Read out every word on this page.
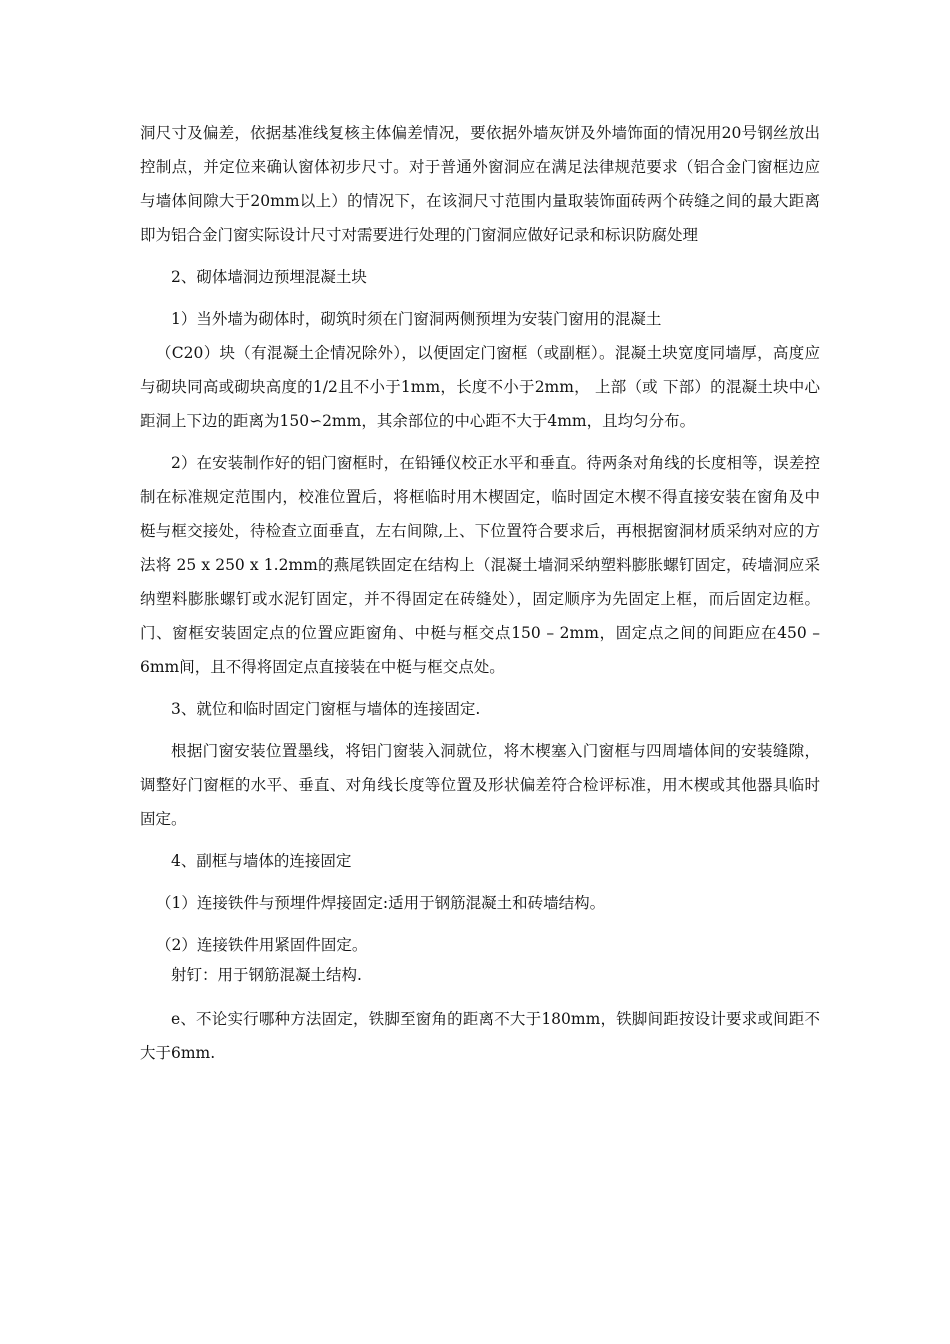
洞尺寸及偏差，依据基准线复核主体偏差情况，要依据外墙灰饼及外墙饰面的情况用20号钢丝放出控制点，并定位来确认窗体初步尺寸。对于普通外窗洞应在满足法律规范要求（铝合金门窗框边应与墙体间隙大于20mm以上）的情况下，在该洞尺寸范围内量取装饰面砖两个砖缝之间的最大距离即为铝合金门窗实际设计尺寸对需要进行处理的门窗洞应做好记录和标识防腐处理

2、砌体墙洞边预埋混凝土块

1）当外墙为砌体时，砌筑时须在门窗洞两侧预埋为安装门窗用的混凝土

（C20）块（有混凝土企情况除外），以便固定门窗框（或副框）。混凝土块宽度同墙厚，高度应与砌块同高或砌块高度的1/2且不小于1mm，长度不小于2mm， 上部（或 下部）的混凝土块中心距洞上下边的距离为150∽2mm，其余部位的中心距不大于4mm，且均匀分布。

2）在安装制作好的铝门窗框时，在铅锤仪校正水平和垂直。待两条对角线的长度相等，误差控制在标准规定范围内，校准位置后，将框临时用木楔固定，临时固定木楔不得直接安装在窗角及中梃与框交接处，待检查立面垂直，左右间隙,上、下位置符合要求后，再根据窗洞材质采纳对应的方法将 25 x 250 x 1.2mm的燕尾铁固定在结构上（混凝土墙洞采纳塑料膨胀螺钉固定，砖墙洞应采纳塑料膨胀螺钉或水泥钉固定，并不得固定在砖缝处），固定顺序为先固定上框，而后固定边框。门、窗框安装固定点的位置应距窗角、中梃与框交点150 – 2mm，固定点之间的间距应在450 – 6mm间，且不得将固定点直接装在中梃与框交点处。

3、就位和临时固定门窗框与墙体的连接固定.

根据门窗安装位置墨线，将铝门窗装入洞就位，将木楔塞入门窗框与四周墙体间的安装缝隙，调整好门窗框的水平、垂直、对角线长度等位置及形状偏差符合检评标准，用木楔或其他器具临时固定。

4、副框与墙体的连接固定

（1）连接铁件与预埋件焊接固定:适用于钢筋混凝土和砖墙结构。

（2）连接铁件用紧固件固定。

射钉：用于钢筋混凝土结构.

e、不论实行哪种方法固定，铁脚至窗角的距离不大于180mm，铁脚间距按设计要求或间距不大于6mm.
